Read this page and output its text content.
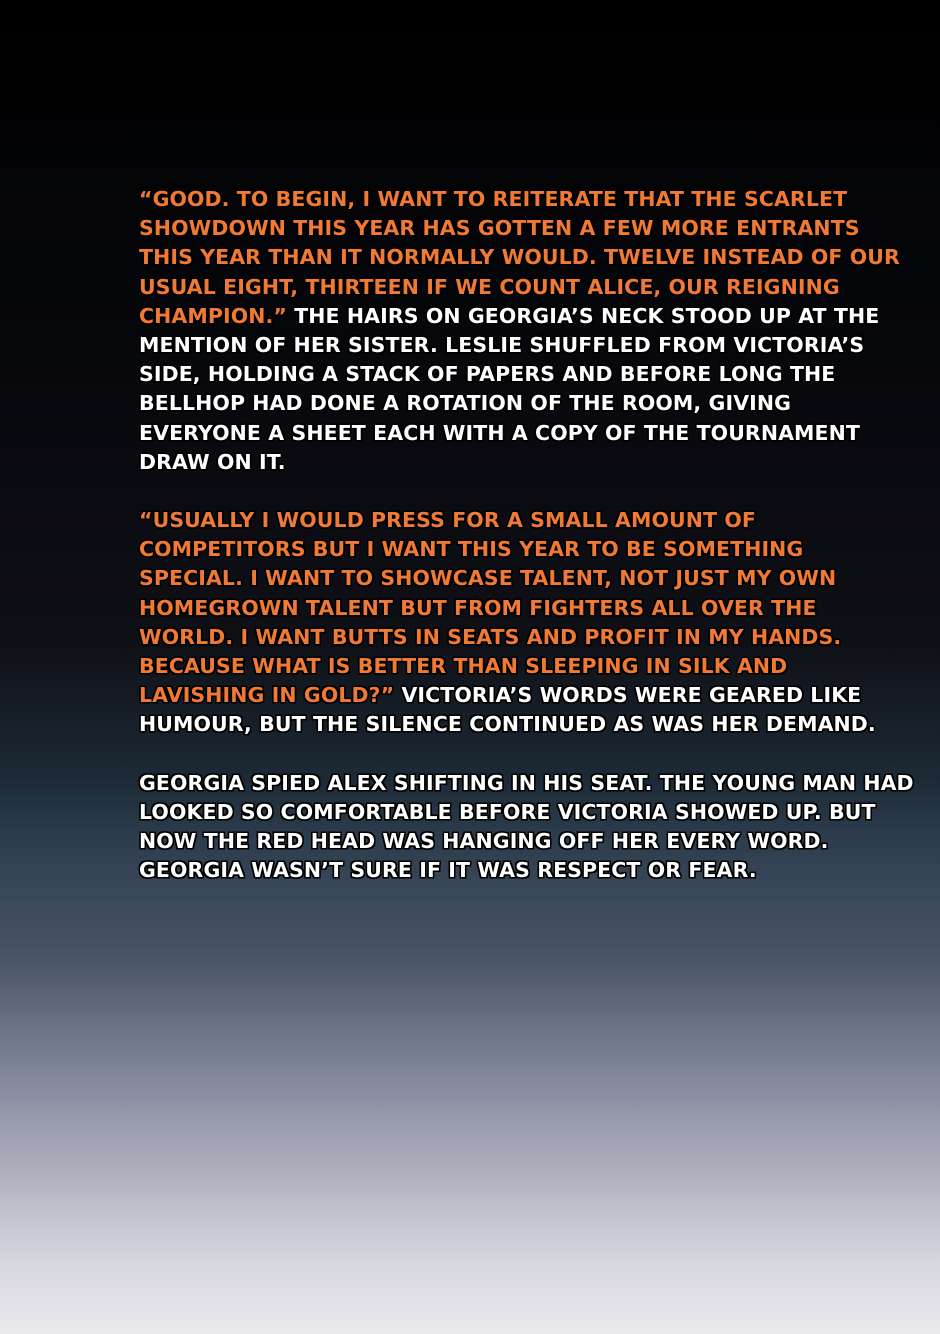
“GOOD. TO BEGIN, I WANT TO REITERATE THAT THE SCARLET
SHOWDOWN THIS YEAR HAS GOTTEN A FEW MORE ENTRANTS
THIS YEAR THAN IT NORMALLY WOULD. TWELVE INSTEAD OF OUR
USUAL EIGHT, THIRTEEN IF WE COUNT ALICE, OUR REIGNING
CHAMPION.” THE HAIRS ON GEORGIA’S NECK STOOD UP AT THE
MENTION OF HER SISTER. LESLIE SHUFFLED FROM VICTORIA’S
SIDE, HOLDING A STACK OF PAPERS AND BEFORE LONG THE
BELLHOP HAD DONE A ROTATION OF THE ROOM, GIVING
EVERYONE A SHEET EACH WITH A COPY OF THE TOURNAMENT
DRAW ON IT.

“USUALLY I WOULD PRESS FOR A SMALL AMOUNT OF
COMPETITORS BUT I WANT THIS YEAR TO BE SOMETHING
SPECIAL. I WANT TO SHOWCASE TALENT, NOT JUST MY OWN
HOMEGROWN TALENT BUT FROM FIGHTERS ALL OVER THE
WORLD. I WANT BUTTS IN SEATS AND PROFIT IN MY HANDS.
BECAUSE WHAT IS BETTER THAN SLEEPING IN SILK AND
LAVISHING IN GOLD?” VICTORIA’S WORDS WERE GEARED LIKE
HUMOUR, BUT THE SILENCE CONTINUED AS WAS HER DEMAND.

GEORGIA SPIED ALEX SHIFTING IN HIS SEAT. THE YOUNG MAN HAD
LOOKED SO COMFORTABLE BEFORE VICTORIA SHOWED UP. BUT
NOW THE RED HEAD WAS HANGING OFF HER EVERY WORD.
GEORGIA WASN’T SURE IF IT WAS RESPECT OR FEAR.
